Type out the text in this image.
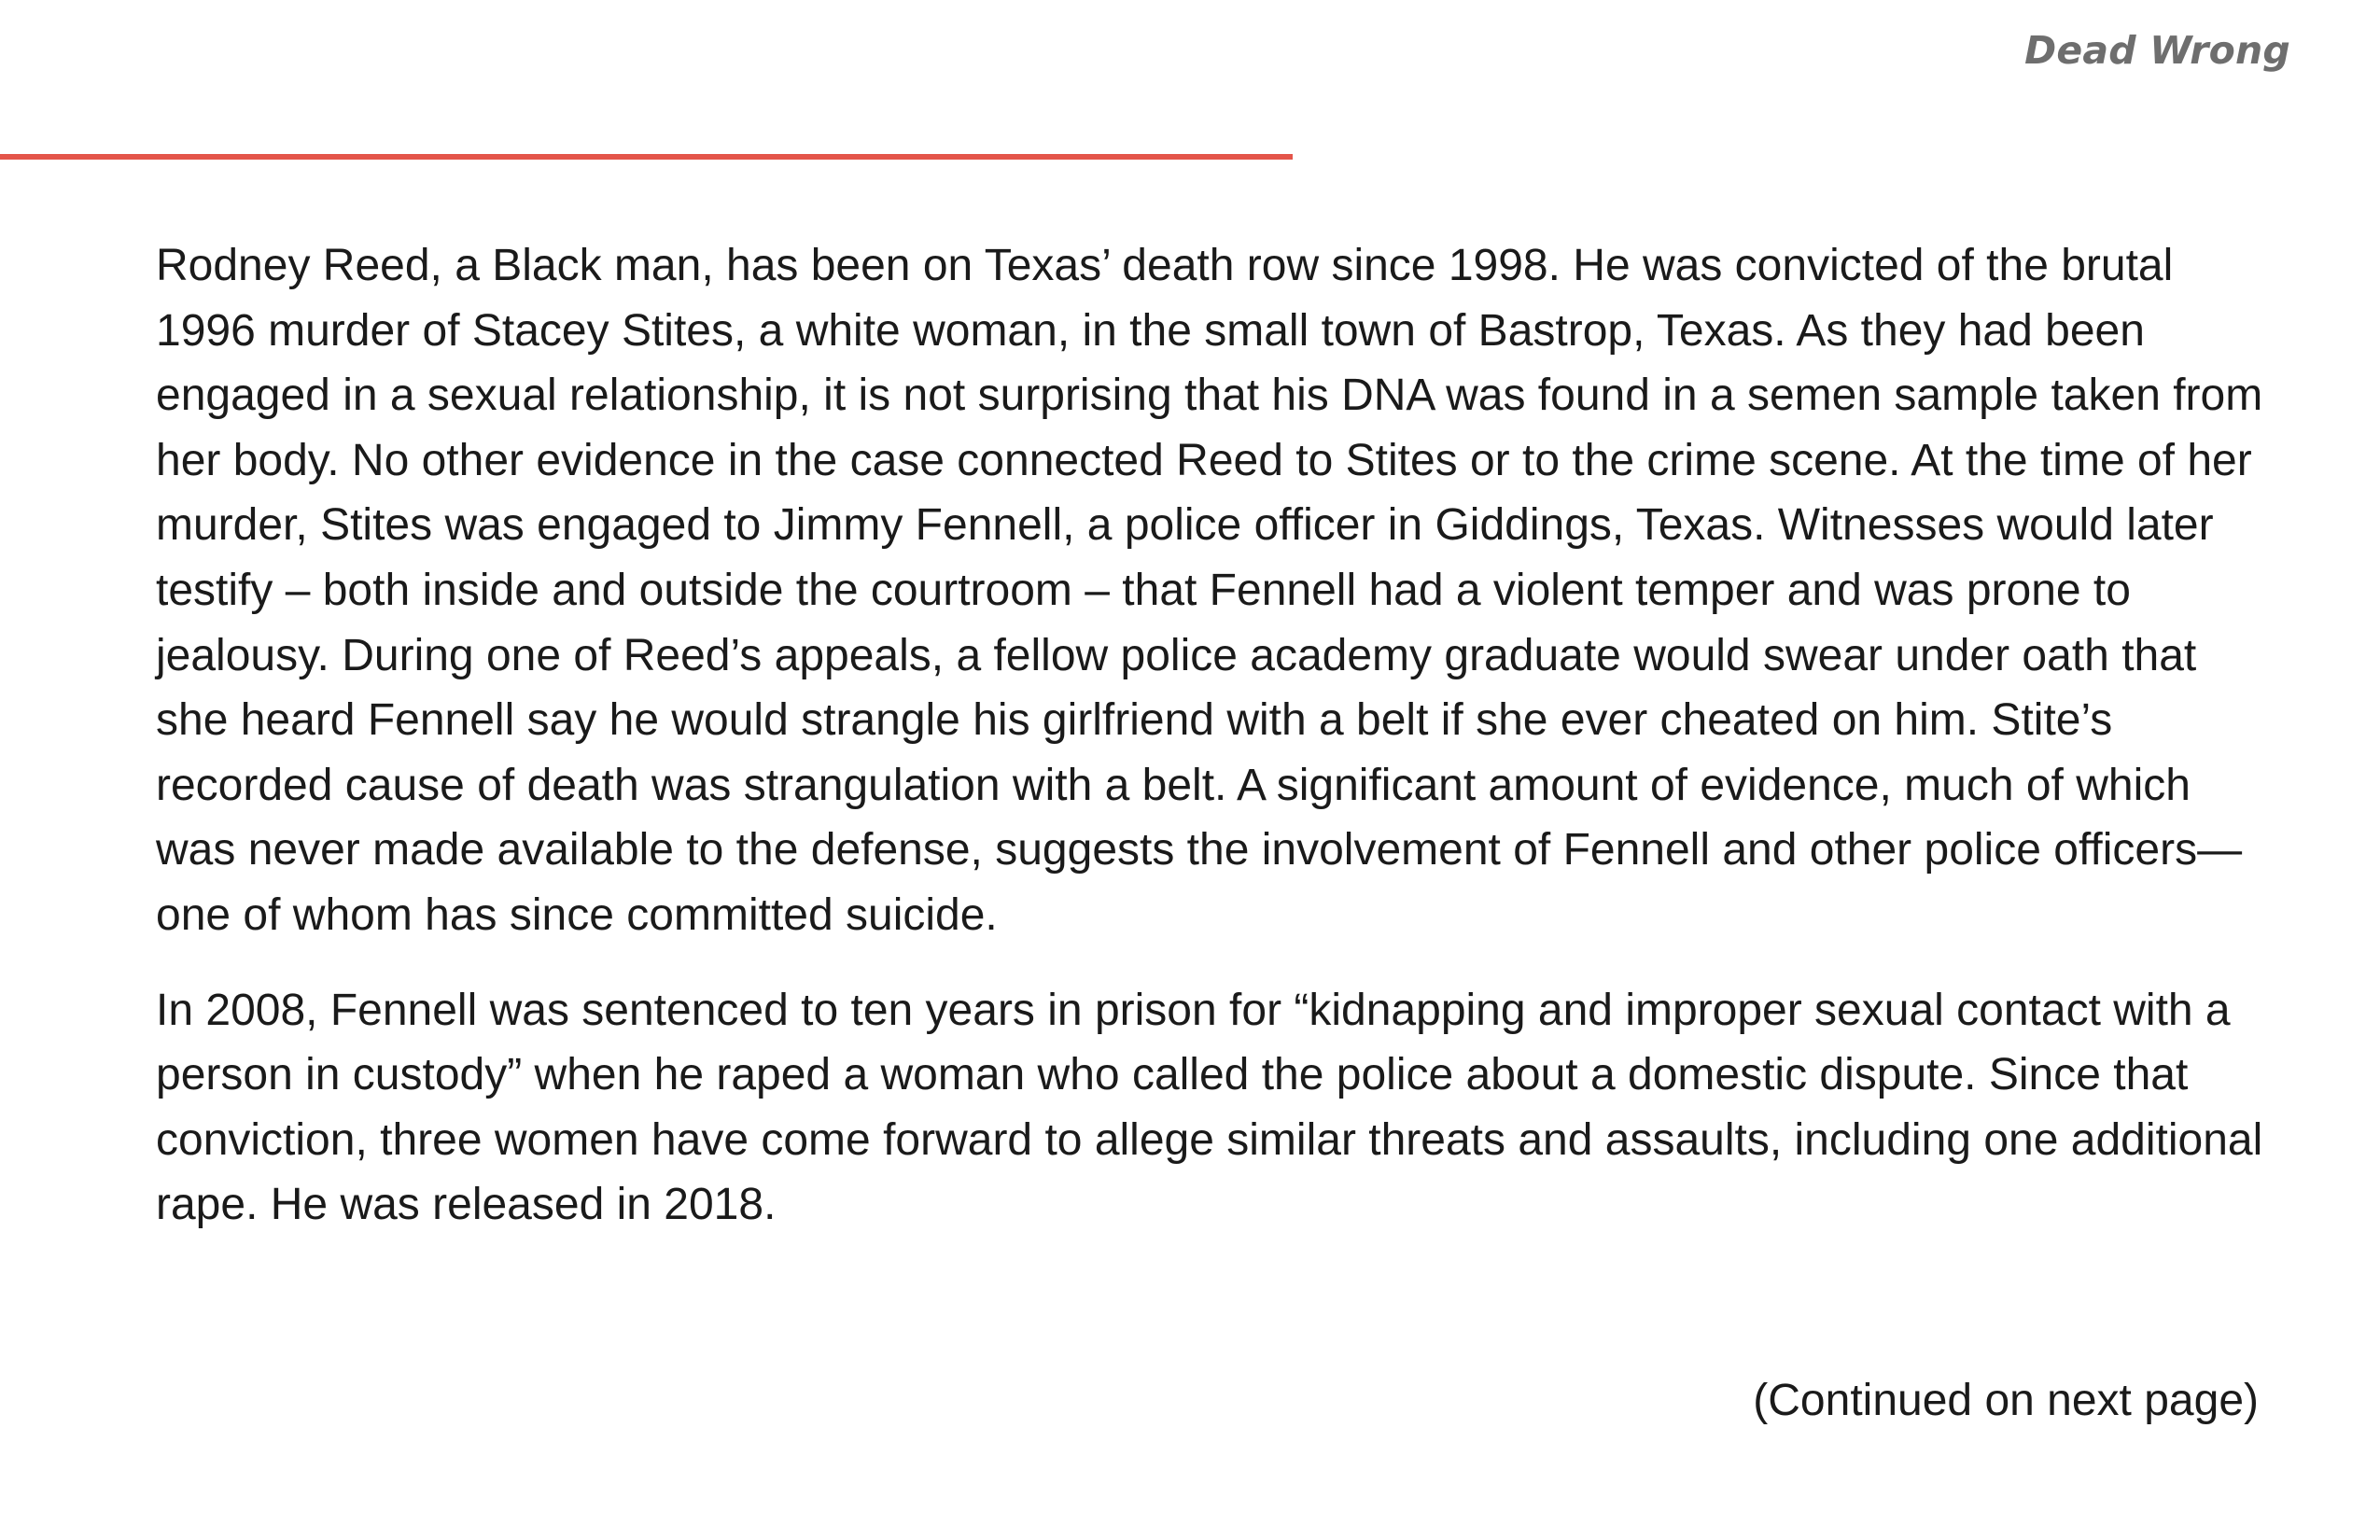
Dead Wrong

Rodney Reed, a Black man, has been on Texas’ death row since 1998. He was convicted of the brutal 1996 murder of Stacey Stites, a white woman, in the small town of Bastrop, Texas. As they had been engaged in a sexual relationship, it is not surprising that his DNA was found in a semen sample taken from her body. No other evidence in the case connected Reed to Stites or to the crime scene. At the time of her murder, Stites was engaged to Jimmy Fennell, a police officer in Giddings, Texas. Witnesses would later testify – both inside and outside the courtroom – that Fennell had a violent temper and was prone to jealousy. During one of Reed’s appeals, a fellow police academy graduate would swear under oath that she heard Fennell say he would strangle his girlfriend with a belt if she ever cheated on him. Stite’s recorded cause of death was strangulation with a belt. A significant amount of evidence, much of which was never made available to the defense, suggests the involvement of Fennell and other police officers—one of whom has since committed suicide.

In 2008, Fennell was sentenced to ten years in prison for “kidnapping and improper sexual contact with a person in custody” when he raped a woman who called the police about a domestic dispute. Since that conviction, three women have come forward to allege similar threats and assaults, including one additional rape. He was released in 2018.

(Continued on next page)
